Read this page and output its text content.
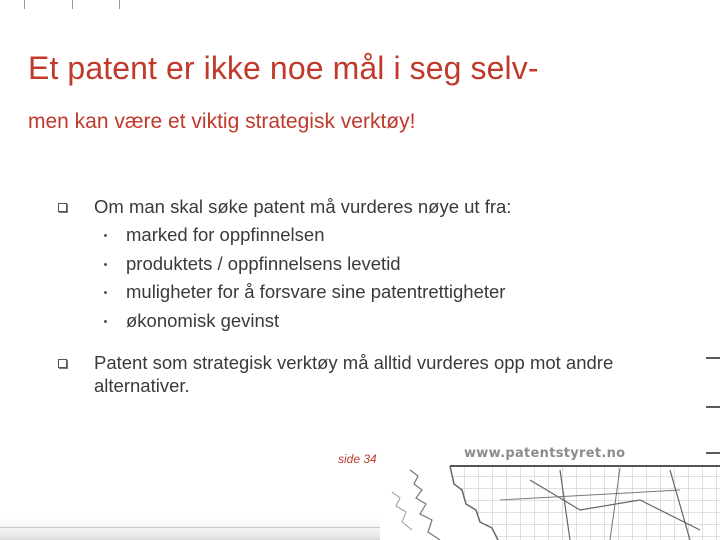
Et patent er ikke noe mål i seg selv-
men kan være et viktig strategisk verktøy!
Om man skal søke patent må vurderes nøye ut fra:
marked for oppfinnelsen
produktets / oppfinnelsens levetid
muligheter for å forsvare sine patentrettigheter
økonomisk gevinst
Patent som strategisk verktøy må alltid vurderes opp mot andre alternativer.
side 34	www.patentstyret.no
